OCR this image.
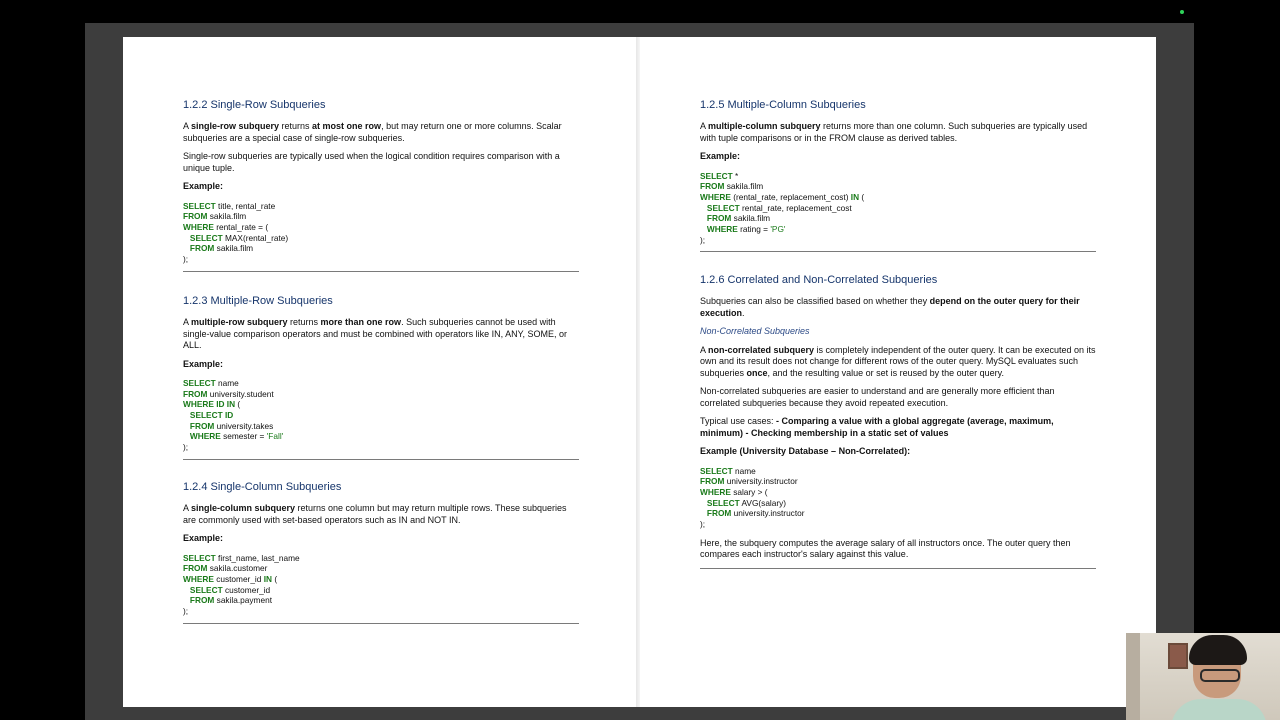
1.2.2 Single-Row Subqueries

A single-row subquery returns at most one row, but may return one or more columns. Scalar subqueries are a special case of single-row subqueries.

Single-row subqueries are typically used when the logical condition requires comparison with a unique tuple.

Example:

SELECT title, rental_rate
FROM sakila.film
WHERE rental_rate = (
SELECT MAX(rental_rate)
FROM sakila.film
);
1.2.3 Multiple-Row Subqueries

A multiple-row subquery returns more than one row. Such subqueries cannot be used with single-value comparison operators and must be combined with operators like IN, ANY, SOME, or ALL.

Example:

SELECT name
FROM university.student
WHERE ID IN (
SELECT ID
FROM university.takes
WHERE semester = 'Fall'
);
1.2.4 Single-Column Subqueries

A single-column subquery returns one column but may return multiple rows. These subqueries are commonly used with set-based operators such as IN and NOT IN.

Example:

SELECT first_name, last_name
FROM sakila.customer
WHERE customer_id IN (
SELECT customer_id
FROM sakila.payment
);
1.2.5 Multiple-Column Subqueries

A multiple-column subquery returns more than one column. Such subqueries are typically used with tuple comparisons or in the FROM clause as derived tables.

Example:

SELECT *
FROM sakila.film
WHERE (rental_rate, replacement_cost) IN (
SELECT rental_rate, replacement_cost
FROM sakila.film
WHERE rating = 'PG'
);
1.2.6 Correlated and Non-Correlated Subqueries

Subqueries can also be classified based on whether they depend on the outer query for their execution.

Non-Correlated Subqueries

A non-correlated subquery is completely independent of the outer query. It can be executed on its own and its result does not change for different rows of the outer query. MySQL evaluates such subqueries once, and the resulting value or set is reused by the outer query.

Non-correlated subqueries are easier to understand and are generally more efficient than correlated subqueries because they avoid repeated execution.

Typical use cases: - Comparing a value with a global aggregate (average, maximum, minimum) - Checking membership in a static set of values

Example (University Database – Non-Correlated):

SELECT name
FROM university.instructor
WHERE salary > (
SELECT AVG(salary)
FROM university.instructor
);

Here, the subquery computes the average salary of all instructors once. The outer query then compares each instructor's salary against this value.
